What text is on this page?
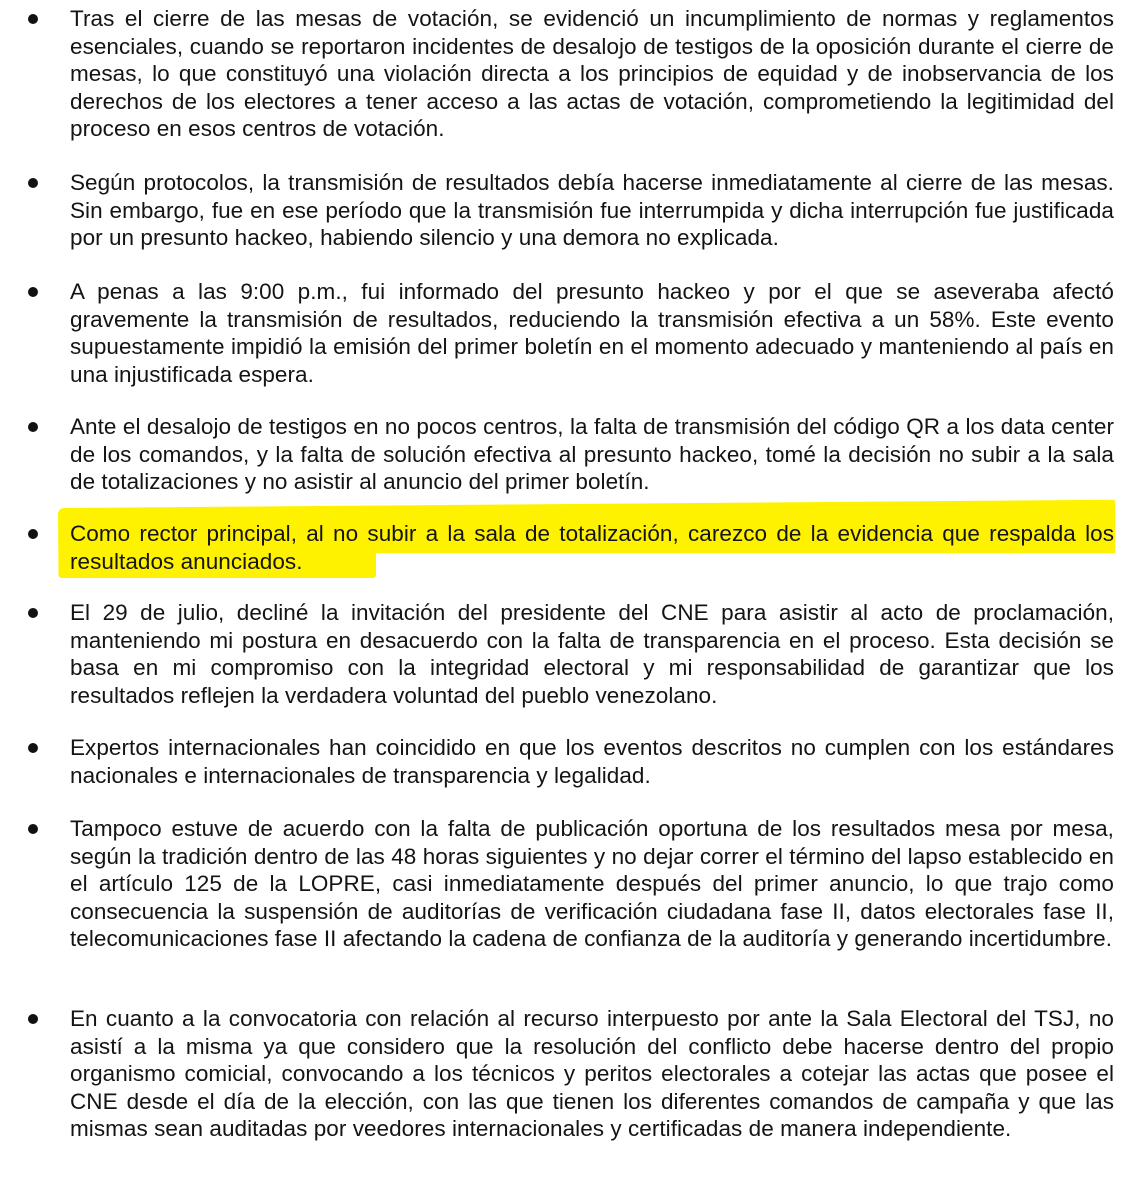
Tras el cierre de las mesas de votación, se evidenció un incumplimiento de normas y reglamentos esenciales, cuando se reportaron incidentes de desalojo de testigos de la oposición durante el cierre de mesas, lo que constituyó una violación directa a los principios de equidad y de inobservancia de los derechos de los electores a tener acceso a las actas de votación, comprometiendo la legitimidad del proceso en esos centros de votación.
Según protocolos, la transmisión de resultados debía hacerse inmediatamente al cierre de las mesas. Sin embargo, fue en ese período que la transmisión fue interrumpida y dicha interrupción fue justificada por un presunto hackeo, habiendo silencio y una demora no explicada.
A penas a las 9:00 p.m., fui informado del presunto hackeo y por el que se aseveraba afectó gravemente la transmisión de resultados, reduciendo la transmisión efectiva a un 58%. Este evento supuestamente impidió la emisión del primer boletín en el momento adecuado y manteniendo al país en una injustificada espera.
Ante el desalojo de testigos en no pocos centros, la falta de transmisión del código QR a los data center de los comandos, y la falta de solución efectiva al presunto hackeo, tomé la decisión no subir a la sala de totalizaciones y no asistir al anuncio del primer boletín.
Como rector principal, al no subir a la sala de totalización, carezco de la evidencia que respalda los resultados anunciados.
El 29 de julio, decliné la invitación del presidente del CNE para asistir al acto de proclamación, manteniendo mi postura en desacuerdo con la falta de transparencia en el proceso. Esta decisión se basa en mi compromiso con la integridad electoral y mi responsabilidad de garantizar que los resultados reflejen la verdadera voluntad del pueblo venezolano.
Expertos internacionales han coincidido en que los eventos descritos no cumplen con los estándares nacionales e internacionales de transparencia y legalidad.
Tampoco estuve de acuerdo con la falta de publicación oportuna de los resultados mesa por mesa, según la tradición dentro de las 48 horas siguientes y no dejar correr el término del lapso establecido en el artículo 125 de la LOPRE, casi inmediatamente después del primer anuncio, lo que trajo como consecuencia la suspensión de auditorías de verificación ciudadana fase II, datos electorales fase II, telecomunicaciones fase II afectando la cadena de confianza de la auditoría y generando incertidumbre.
En cuanto a la convocatoria con relación al recurso interpuesto por ante la Sala Electoral del TSJ, no asistí a la misma ya que considero que la resolución del conflicto debe hacerse dentro del propio organismo comicial, convocando a los técnicos y peritos electorales a cotejar las actas que posee el CNE desde el día de la elección, con las que tienen los diferentes comandos de campaña y que las mismas sean auditadas por veedores internacionales y certificadas de manera independiente.
